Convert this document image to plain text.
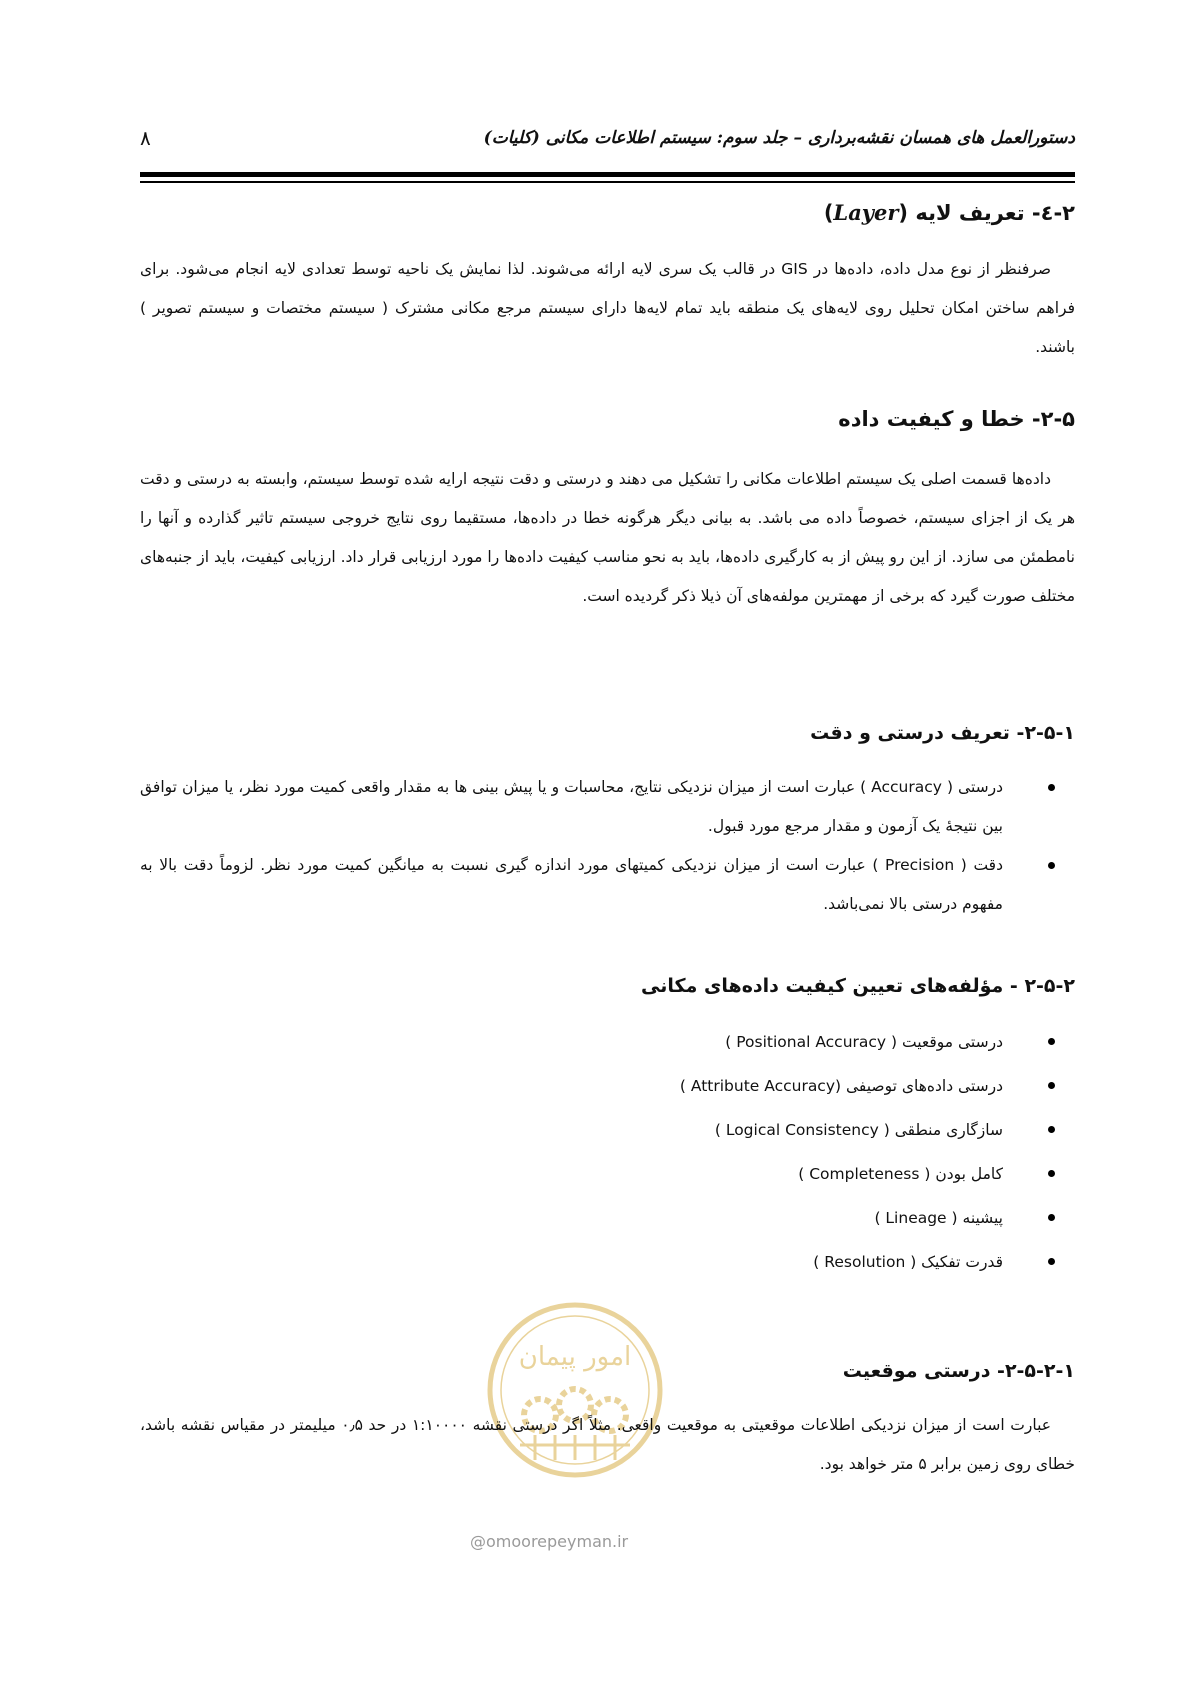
۸	دستورالعمل های همسان نقشه‌برداری – جلد سوم: سیستم اطلاعات مکانی (کلیات)
۲-٤- تعریف لایه (Layer)

صرفنظر از نوع مدل داده، داده‌ها در GIS در قالب یک سری لایه ارائه می‌شوند. لذا نمایش یک ناحیه توسط تعدادی لایه انجام می‌شود. برای فراهم ساختن امکان تحلیل روی لایه‌های یک منطقه باید تمام لایه‌ها دارای سیستم مرجع مکانی مشترک ( سیستم مختصات و سیستم تصویر ) باشند.

۲-۵- خطا و کیفیت داده

داده‌ها قسمت اصلی یک سیستم اطلاعات مکانی را تشکیل می دهند و درستی و دقت نتیجه ارایه شده توسط سیستم، وابسته به درستی و دقت هر یک از اجزای سیستم، خصوصاً داده می باشد. به بیانی دیگر هرگونه خطا در داده‌ها، مستقیما روی نتایج خروجی سیستم تاثیر گذارده و آنها را نامطمئن می سازد. از این رو پیش از به کارگیری داده‌ها، باید به نحو مناسب کیفیت داده‌ها را مورد ارزیابی قرار داد. ارزیابی کیفیت، باید از جنبه‌های مختلف صورت گیرد که برخی از مهمترین مولفه‌های آن ذیلا ذکر گردیده است.

۲-۵-۱- تعریف درستی و دقت
درستی ( Accuracy ) عبارت است از میزان نزدیکی نتایج، محاسبات و یا پیش بینی ها به مقدار واقعی کمیت مورد نظر، یا میزان توافق بین نتیجهٔ یک آزمون و مقدار مرجع مورد قبول.
دقت ( Precision ) عبارت است از میزان نزدیکی کمیتهای مورد اندازه گیری نسبت به میانگین کمیت مورد نظر. لزوماً دقت بالا به مفهوم درستی بالا نمی‌باشد.
۲-۵-۲ - مؤلفه‌های تعیین کیفیت داده‌های مکانی
درستی موقعیت ( Positional Accuracy )
درستی داده‌های توصیفی (Attribute Accuracy )
سازگاری منطقی ( Logical Consistency )
کامل بودن ( Completeness )
پیشینه ( Lineage )
قدرت تفکیک ( Resolution )
امور پیمان	۲-۵-۲-۱- درستی موقعیت

عبارت است از میزان نزدیکی اطلاعات موقعیتی به موقعیت واقعی. مثلاً اگر درستی نقشه ۱:۱۰۰۰۰ در حد ۰٫۵ میلیمتر در مقیاس نقشه باشد، خطای روی زمین برابر ۵ متر خواهد بود.

@omoorepeyman.ir
